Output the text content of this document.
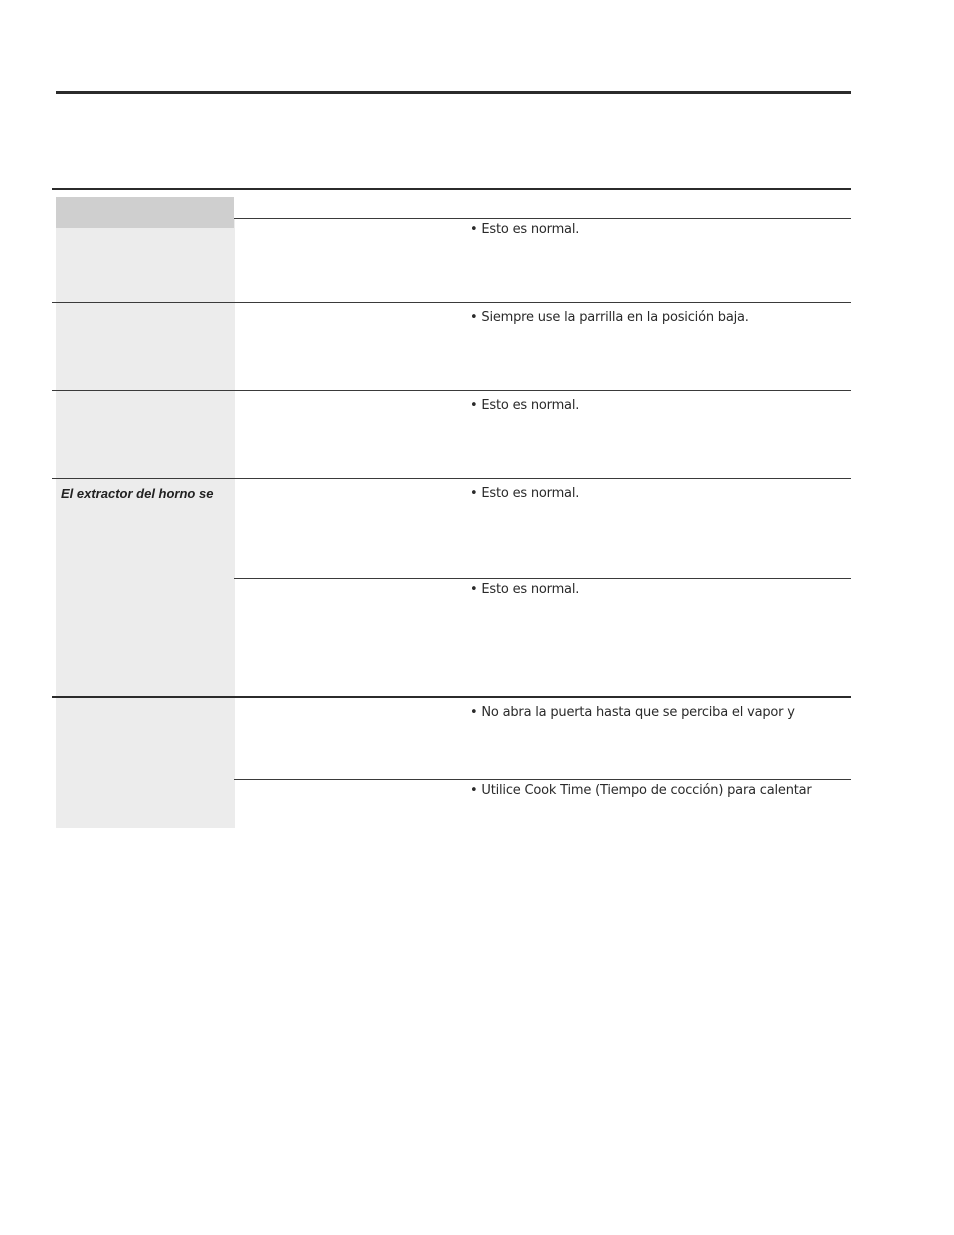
El extractor del horno se
• Esto es normal.
• Siempre use la parrilla en la posición baja.
• Esto es normal.
• Esto es normal.
• Esto es normal.
• No abra la puerta hasta que se perciba el vapor y
• Utilice Cook Time (Tiempo de cocción) para calentar
